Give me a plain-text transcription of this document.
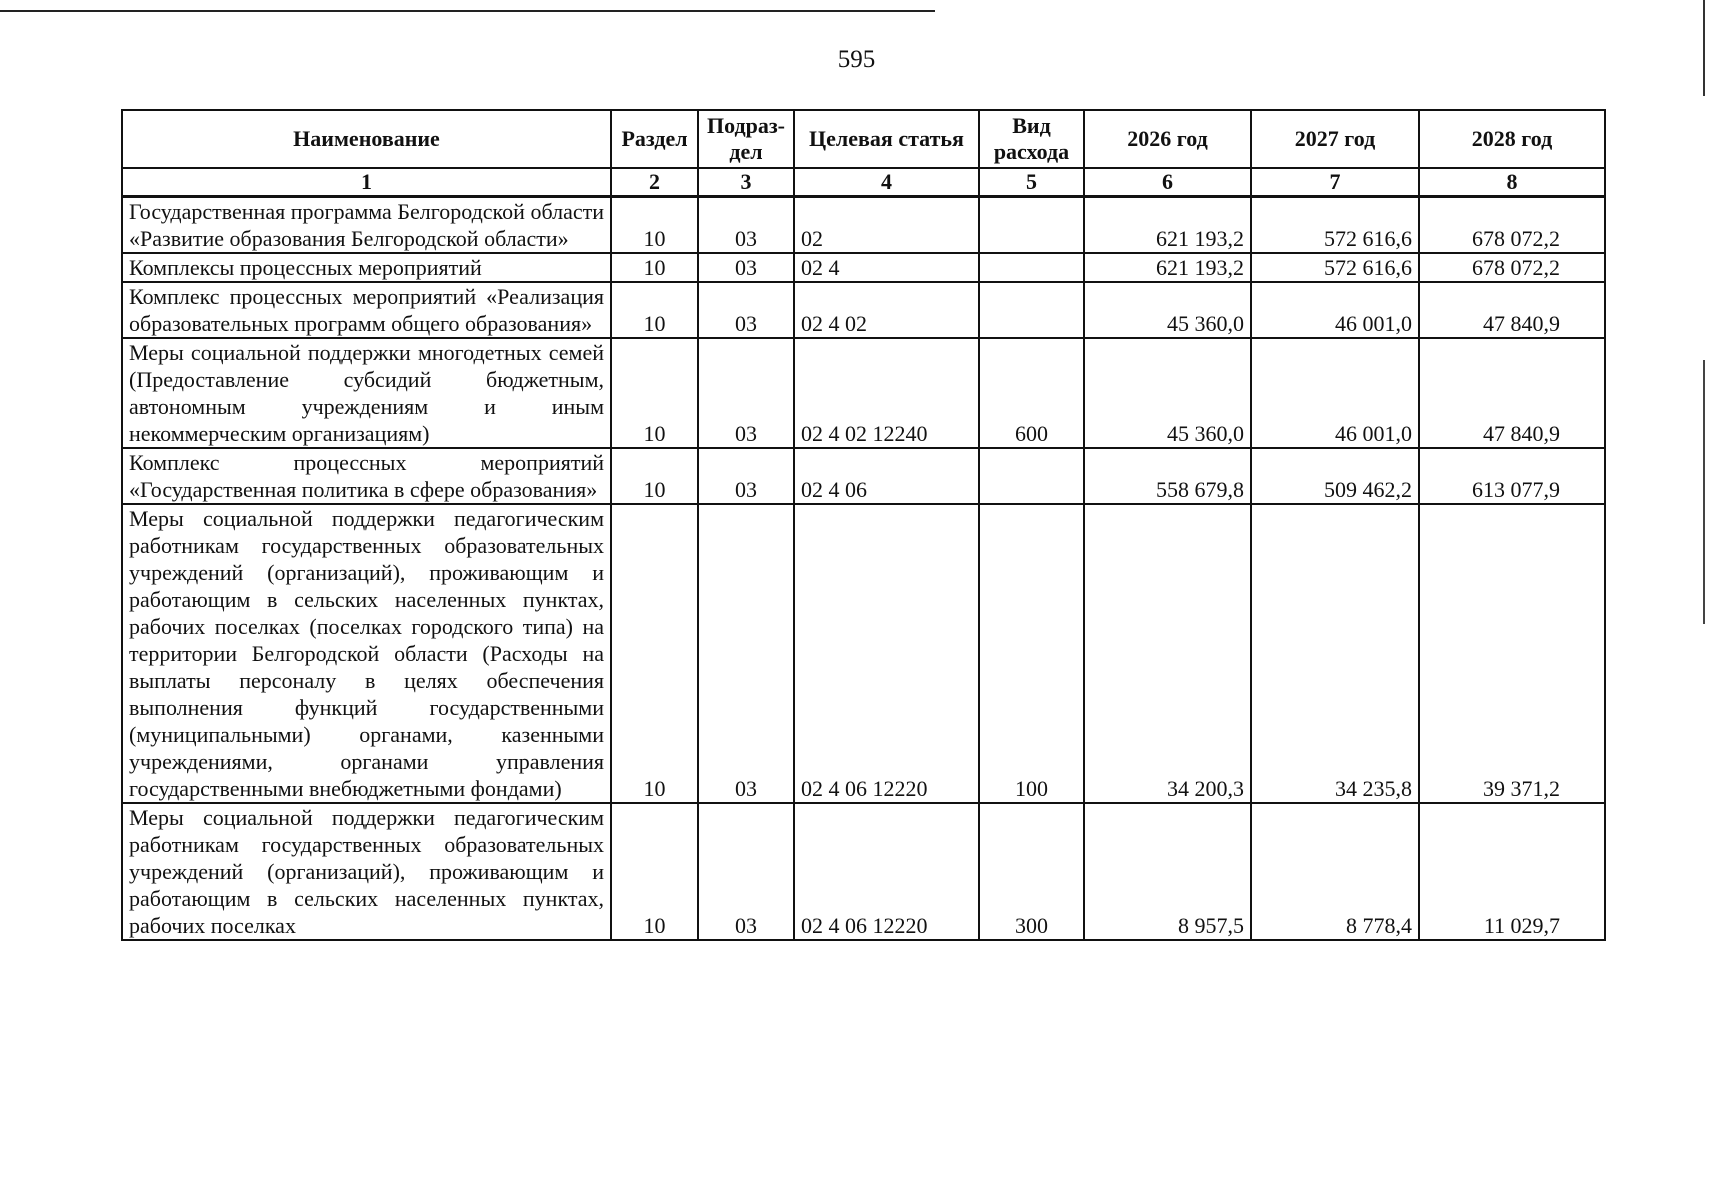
595
Наименование	Раздел	Подраз-дел	Целевая статья	Вид расхода	2026 год	2027 год	2028 год
1	2	3	4	5	6	7	8
Государственная программа Белгородской области «Развитие образования Белгородской области»	10	03	02		621 193,2	572 616,6	678 072,2
Комплексы процессных мероприятий	10	03	02 4		621 193,2	572 616,6	678 072,2
Комплекс процессных мероприятий «Реализация образовательных программ общего образования»	10	03	02 4 02		45 360,0	46 001,0	47 840,9
Меры социальной поддержки многодетных семей (Предоставление субсидий бюджетным, автономным учреждениям и иным некоммерческим организациям)	10	03	02 4 02 12240	600	45 360,0	46 001,0	47 840,9
Комплекс процессных мероприятий «Государственная политика в сфере образования»	10	03	02 4 06		558 679,8	509 462,2	613 077,9
Меры социальной поддержки педагогическим работникам государственных образовательных учреждений (организаций), проживающим и работающим в сельских населенных пунктах, рабочих поселках (поселках городского типа) на территории Белгородской области (Расходы на выплаты персоналу в целях обеспечения выполнения функций государственными (муниципальными) органами, казенными учреждениями, органами управления государственными внебюджетными фондами)	10	03	02 4 06 12220	100	34 200,3	34 235,8	39 371,2
Меры социальной поддержки педагогическим работникам государственных образовательных учреждений (организаций), проживающим и работающим в сельских населенных пунктах, рабочих поселках	10	03	02 4 06 12220	300	8 957,5	8 778,4	11 029,7
